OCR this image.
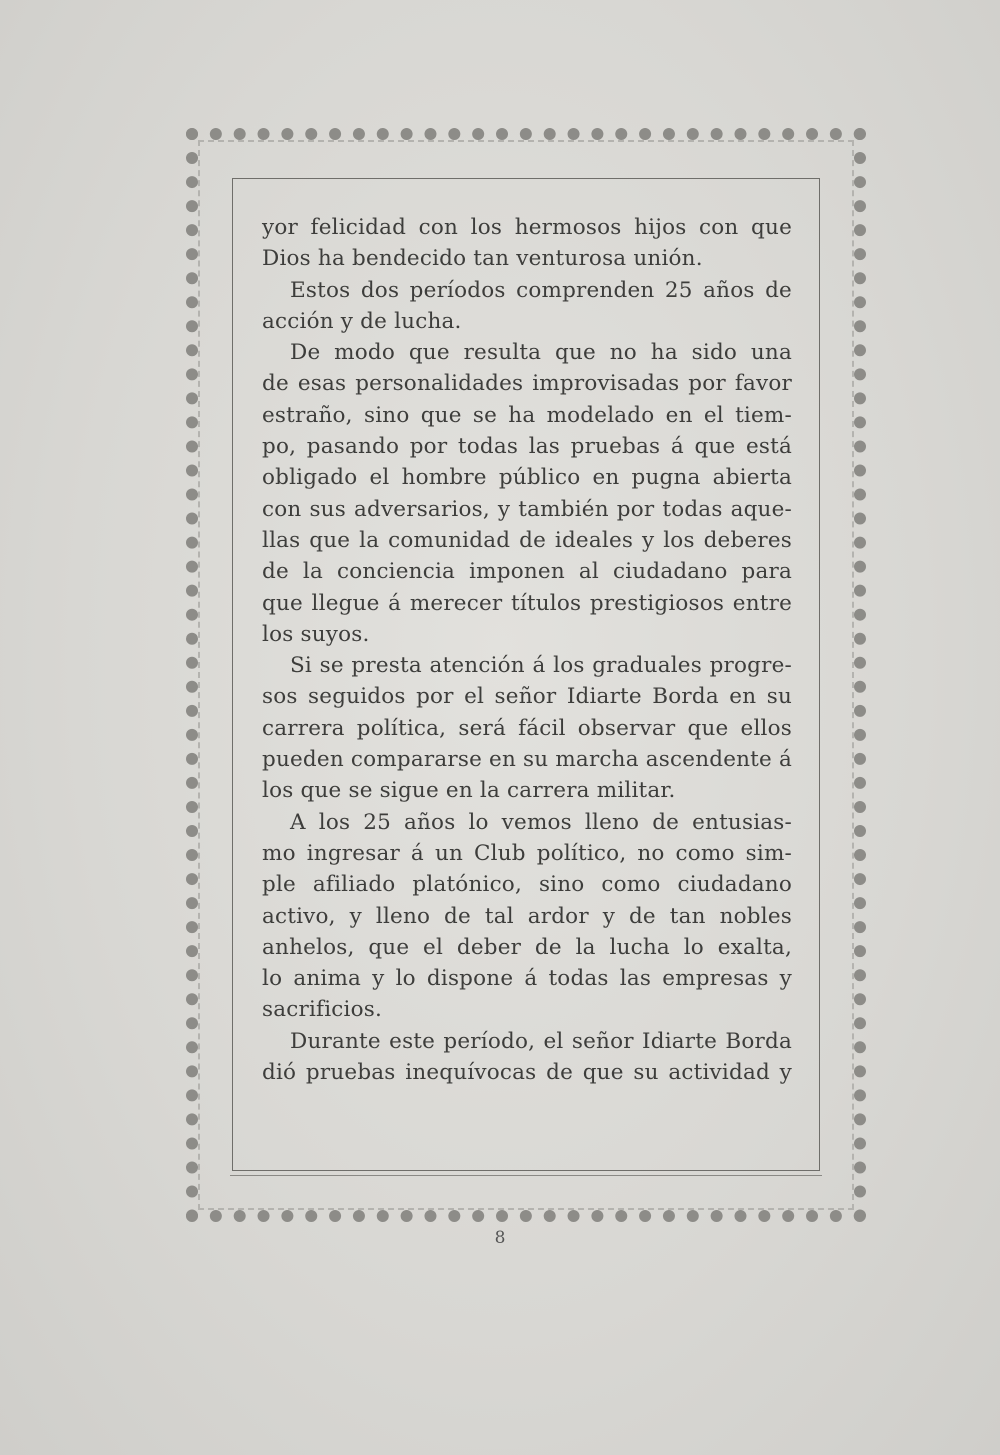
yor felicidad con los hermosos hijos con que
Dios ha bendecido tan venturosa unión.
Estos dos períodos comprenden 25 años de
acción y de lucha.
De modo que resulta que no ha sido una
de esas personalidades improvisadas por favor
estraño, sino que se ha modelado en el tiem-
po, pasando por todas las pruebas á que está
obligado el hombre público en pugna abierta
con sus adversarios, y también por todas aque-
llas que la comunidad de ideales y los deberes
de la conciencia imponen al ciudadano para
que llegue á merecer títulos prestigiosos entre
los suyos.
Si se presta atención á los graduales progre-
sos seguidos por el señor Idiarte Borda en su
carrera política, será fácil observar que ellos
pueden compararse en su marcha ascendente á
los que se sigue en la carrera militar.
A los 25 años lo vemos lleno de entusias-
mo ingresar á un Club político, no como sim-
ple afiliado platónico, sino como ciudadano
activo, y lleno de tal ardor y de tan nobles
anhelos, que el deber de la lucha lo exalta,
lo anima y lo dispone á todas las empresas y
sacrificios.
Durante este período, el señor Idiarte Borda
dió pruebas inequívocas de que su actividad y
8
